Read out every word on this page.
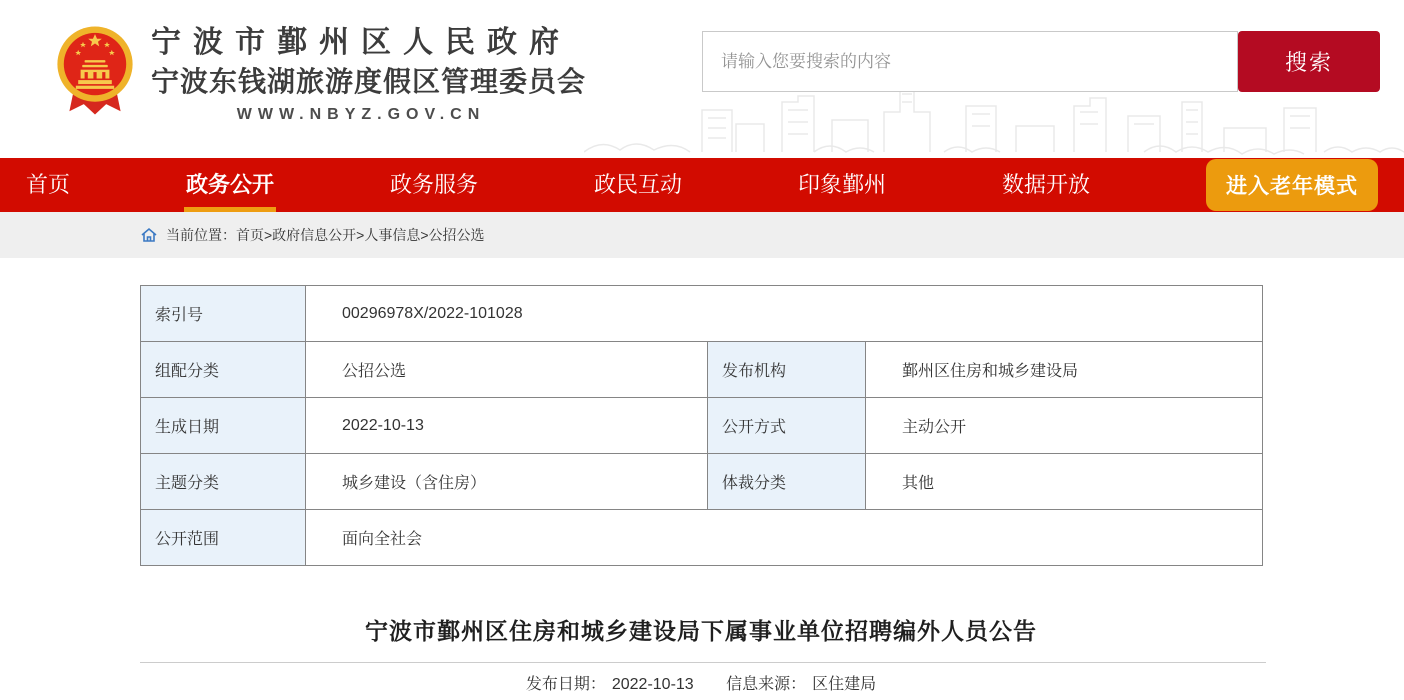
宁波市鄞州区人民政府
宁波东钱湖旅游度假区管理委员会
WWW.NBYZ.GOV.CN
请输入您要搜索的内容
搜索
首页	政务公开	政务服务	政民互动	印象鄞州	数据开放	进入老年模式
当前位置： 首页>政府信息公开>人事信息>公招公选
索引号	00296978X/2022-101028		
组配分类	公招公选	发布机构	鄞州区住房和城乡建设局
生成日期	2022-10-13	公开方式	主动公开
主题分类	城乡建设（含住房）	体裁分类	其他
公开范围	面向全社会		
宁波市鄞州区住房和城乡建设局下属事业单位招聘编外人员公告
发布日期： 2022-10-13 信息来源： 区住建局
